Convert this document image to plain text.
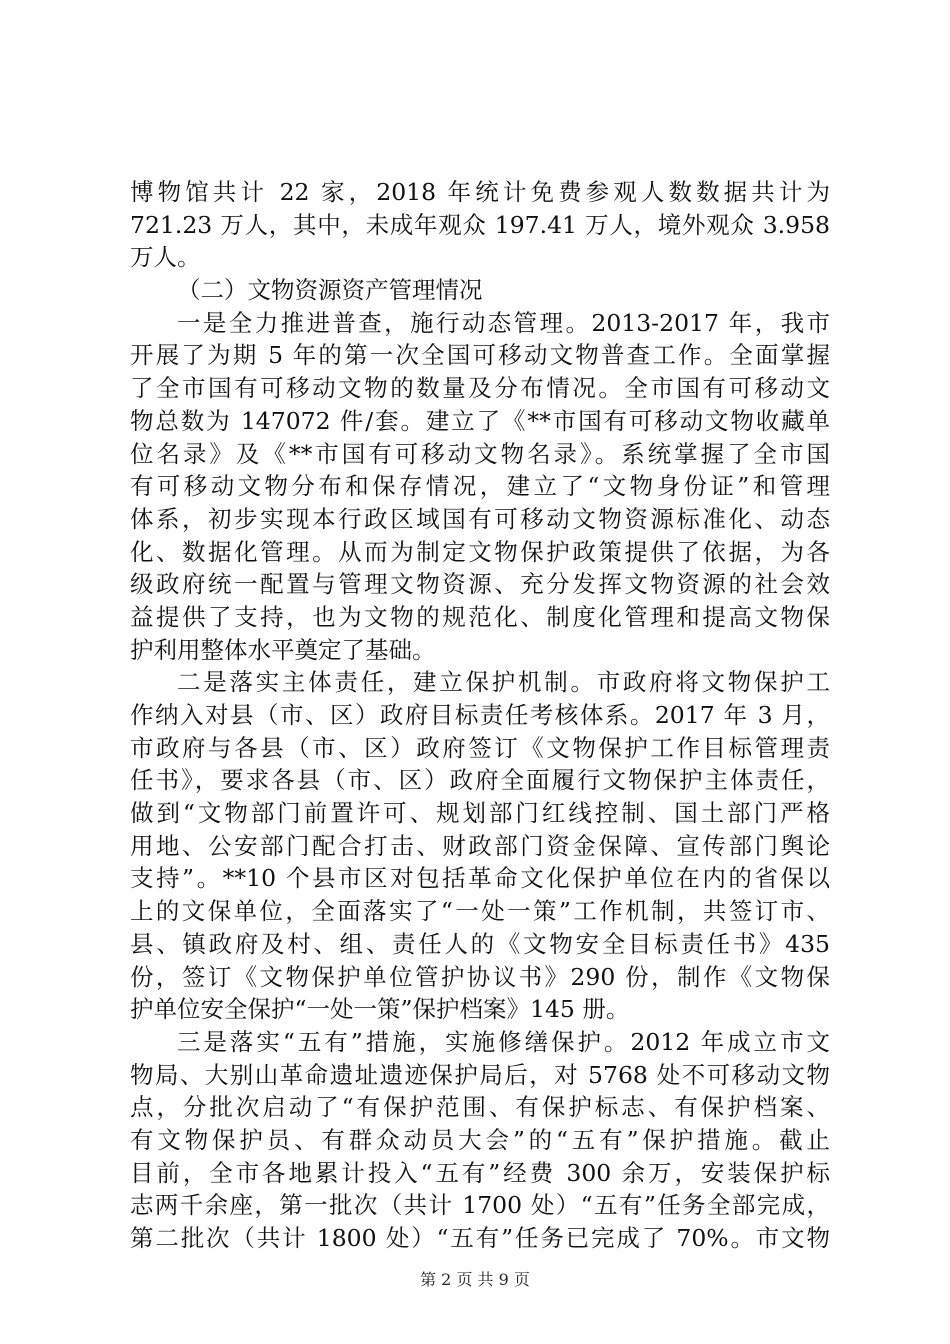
博物馆共计 22 家，2018 年统计免费参观人数数据共计为
721.23 万人，其中，未成年观众 197.41 万人，境外观众 3.958
万人。
（二）文物资源资产管理情况
一是全力推进普查，施行动态管理。2013-2017 年，我市
开展了为期 5 年的第一次全国可移动文物普查工作。全面掌握
了全市国有可移动文物的数量及分布情况。全市国有可移动文
物总数为 147072 件/套。建立了《**市国有可移动文物收藏单
位名录》及《**市国有可移动文物名录》。系统掌握了全市国
有可移动文物分布和保存情况，建立了“文物身份证”和管理
体系，初步实现本行政区域国有可移动文物资源标准化、动态
化、数据化管理。从而为制定文物保护政策提供了依据，为各
级政府统一配置与管理文物资源、充分发挥文物资源的社会效
益提供了支持，也为文物的规范化、制度化管理和提高文物保
护利用整体水平奠定了基础。
二是落实主体责任，建立保护机制。市政府将文物保护工
作纳入对县（市、区）政府目标责任考核体系。2017 年 3 月，
市政府与各县（市、区）政府签订《文物保护工作目标管理责
任书》，要求各县（市、区）政府全面履行文物保护主体责任，
做到“文物部门前置许可、规划部门红线控制、国土部门严格
用地、公安部门配合打击、财政部门资金保障、宣传部门舆论
支持”。**10 个县市区对包括革命文化保护单位在内的省保以
上的文保单位，全面落实了“一处一策”工作机制，共签订市、
县、镇政府及村、组、责任人的《文物安全目标责任书》435
份，签订《文物保护单位管护协议书》290 份，制作《文物保
护单位安全保护“一处一策”保护档案》145 册。
三是落实“五有”措施，实施修缮保护。2012 年成立市文
物局、大别山革命遗址遗迹保护局后，对 5768 处不可移动文物
点，分批次启动了“有保护范围、有保护标志、有保护档案、
有文物保护员、有群众动员大会”的“五有”保护措施。截止
目前，全市各地累计投入“五有”经费 300 余万，安装保护标
志两千余座，第一批次（共计 1700 处）“五有”任务全部完成，
第二批次（共计 1800 处）“五有”任务已完成了 70%。市文物
第 2 页 共 9 页
